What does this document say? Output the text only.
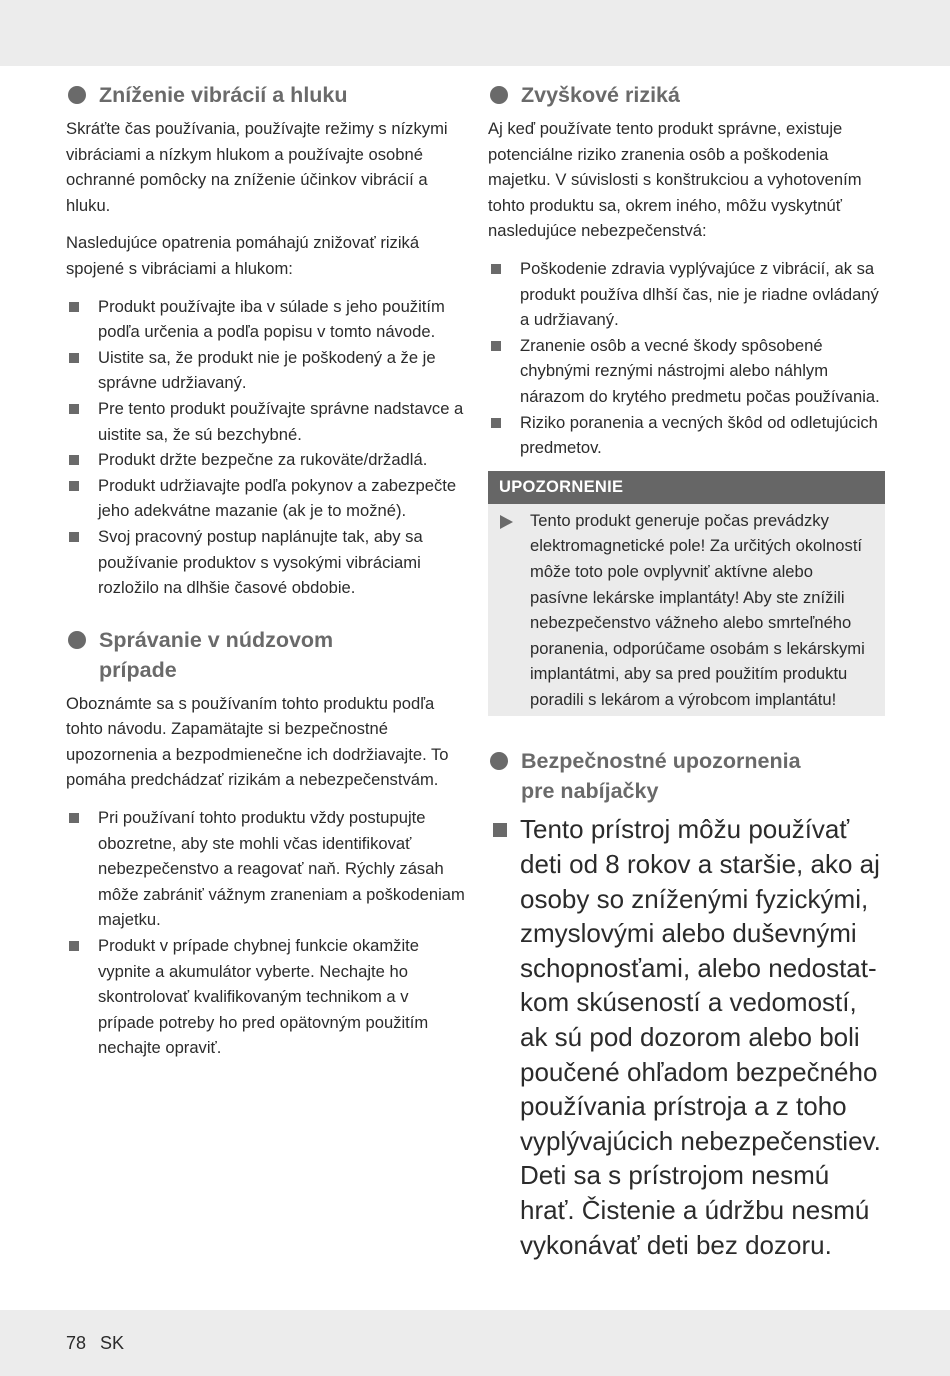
Zníženie vibrácií a hluku

Skráťte čas používania, používajte režimy s nízkymi vibráciami a nízkym hlukom a používajte osobné ochranné pomôcky na zníženie účinkov vibrácií a hluku.

Nasledujúce opatrenia pomáhajú znižovať riziká spojené s vibráciami a hlukom:

Produkt používajte iba v súlade s jeho použitím podľa určenia a podľa popisu v tomto návode.
Uistite sa, že produkt nie je poškodený a že je správne udržiavaný.
Pre tento produkt používajte správne nadstavce a uistite sa, že sú bezchybné.
Produkt držte bezpečne za rukoväte/držadlá.
Produkt udržiavajte podľa pokynov a zabezpečte jeho adekvátne mazanie (ak je to možné).
Svoj pracovný postup naplánujte tak, aby sa používanie produktov s vysokými vibráciami rozložilo na dlhšie časové obdobie.
Správanie v núdzovom
prípade

Oboznámte sa s používaním tohto produktu podľa tohto návodu. Zapamätajte si bezpečnostné upozornenia a bezpodmienečne ich dodržiavajte. To pomáha predchádzať rizikám a nebezpečenstvám.

Pri používaní tohto produktu vždy postupujte obozretne, aby ste mohli včas identifikovať nebezpečenstvo a reagovať naň. Rýchly zásah môže zabrániť vážnym zraneniam a poškodeniam majetku.
Produkt v prípade chybnej funkcie okamžite vypnite a akumulátor vyberte. Nechajte ho skontrolovať kvalifikovaným technikom a v prípade potreby ho pred opätovným použitím nechajte opraviť.
Zvyškové riziká

Aj keď používate tento produkt správne, existuje potenciálne riziko zranenia osôb a poškodenia majetku. V súvislosti s konštrukciou a vyhotovením tohto produktu sa, okrem iného, môžu vyskytnúť nasledujúce nebezpečenstvá:

Poškodenie zdravia vyplývajúce z vibrácií, ak sa produkt používa dlhší čas, nie je riadne ovládaný a udržiavaný.
Zranenie osôb a vecné škody spôsobené chybnými reznými nástrojmi alebo náhlym nárazom do krytého predmetu počas používania.
Riziko poranenia a vecných škôd od odletujúcich predmetov.
UPOZORNENIE
Tento produkt generuje počas prevádzky elektromagnetické pole! Za určitých okolností môže toto pole ovplyvniť aktívne alebo pasívne lekárske implantáty! Aby ste znížili nebezpečenstvo vážneho alebo smrteľného poranenia, odporúčame osobám s lekárskymi implantátmi, aby sa pred použitím produktu poradili s lekárom a výrobcom implantátu!
Bezpečnostné upozornenia
pre nabíjačky
Tento prístroj môžu používať deti od 8 rokov a staršie, ako aj osoby so zníženými fyzickými, zmyslovými alebo duševnými schopnosťami, alebo nedostat-kom skúseností a vedomostí, ak sú pod dozorom alebo boli poučené ohľadom bezpečného používania prístroja a z toho vyplývajúcich nebezpečenstiev. Deti sa s prístrojom nesmú hrať. Čistenie a údržbu nesmú vykonávať deti bez dozoru.
78 SK
